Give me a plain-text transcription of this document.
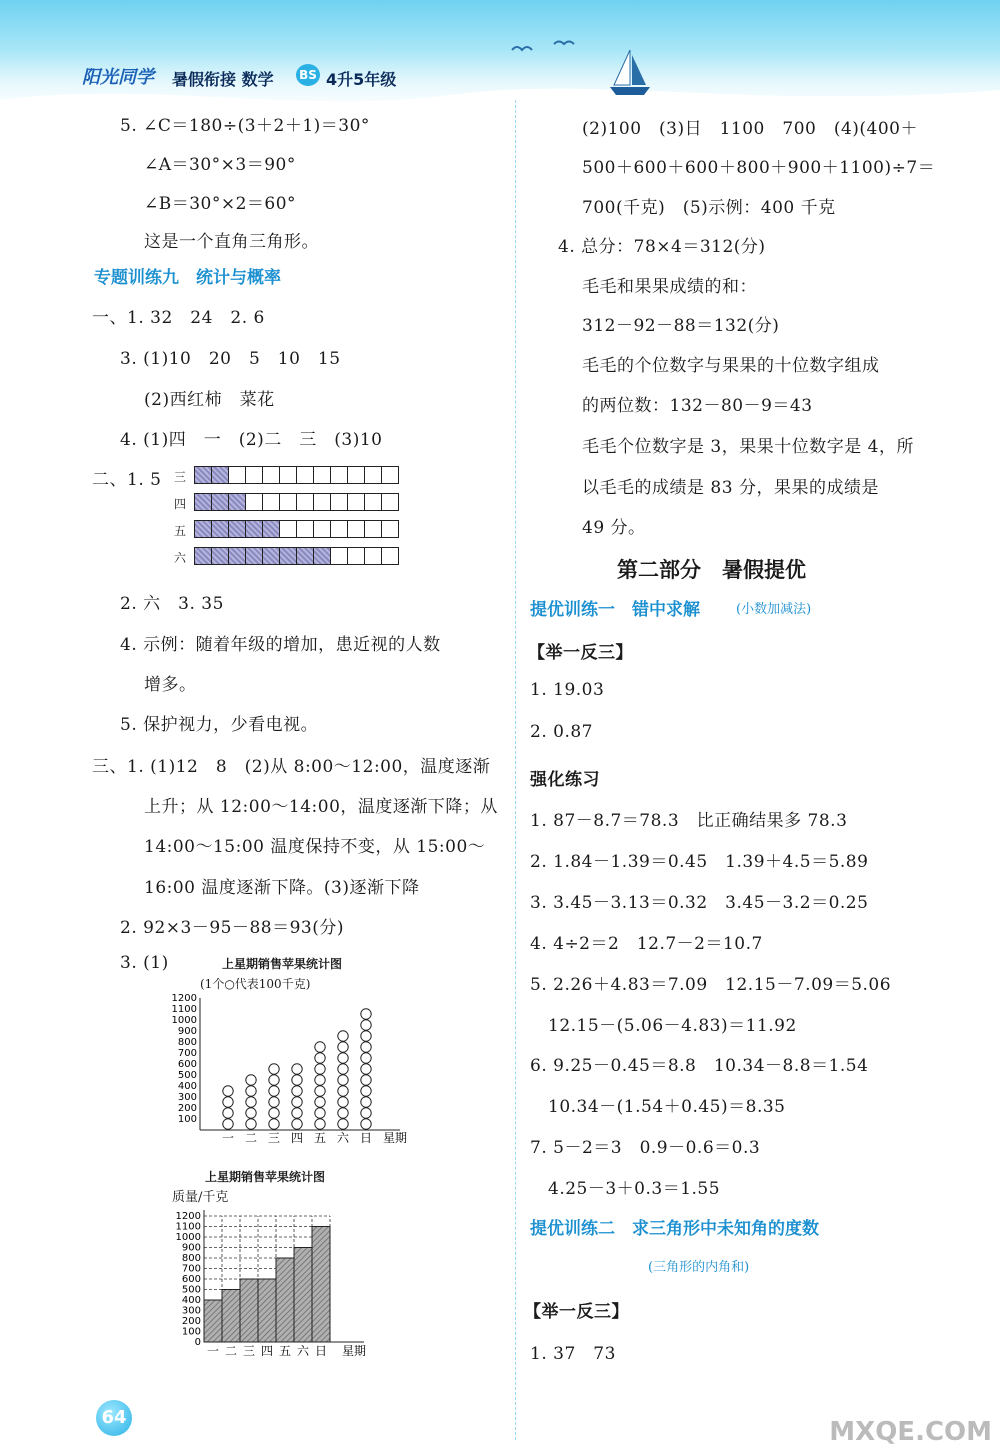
阳光同学 暑假衔接 数学 BS 4升5年级
5. ∠C＝180÷(3＋2＋1)＝30°
∠A＝30°×3＝90°
∠B＝30°×2＝60°
这是一个直角三角形。
专题训练九　统计与概率
一、1. 32　24　2. 6
3. (1)10　20　5　10　15
(2)西红柿　菜花
4. (1)四　一　(2)二　三　(3)10
二、1. 5 三
四
五
六
2. 六　3. 35
4. 示例：随着年级的增加，患近视的人数
增多。
5. 保护视力，少看电视。
三、1. (1)12　8　(2)从 8:00～12:00，温度逐渐
上升；从 12:00～14:00，温度逐渐下降；从
14:00～15:00 温度保持不变，从 15:00～
16:00 温度逐渐下降。(3)逐渐下降
2. 92×3－95－88＝93(分)
3. (1)	上星期销售苹果统计图
(1个○代表100千克)
100
200
300
400
500
600
700
800
900
1000
1100
1200
一 二 三 四 五 六 日 星期
上星期销售苹果统计图
质量/千克
0
100
200
300
400
500
600
700
800
900
1000
1100
1200
一 二 三 四 五 六 日 星期
(2)100　(3)日　1100　700　(4)(400＋
500＋600＋600＋800＋900＋1100)÷7＝
700(千克)　(5)示例：400 千克
4. 总分：78×4＝312(分)
毛毛和果果成绩的和：
312－92－88＝132(分)
毛毛的个位数字与果果的十位数字组成
的两位数：132－80－9＝43
毛毛个位数字是 3，果果十位数字是 4，所
以毛毛的成绩是 83 分，果果的成绩是
49 分。
第二部分　暑假提优
提优训练一　错中求解	(小数加减法)
【举一反三】
1. 19.03
2. 0.87
强化练习
1. 87－8.7＝78.3　比正确结果多 78.3
2. 1.84－1.39＝0.45　1.39＋4.5＝5.89
3. 3.45－3.13＝0.32　3.45－3.2＝0.25
4. 4÷2＝2　12.7－2＝10.7
5. 2.26＋4.83＝7.09　12.15－7.09＝5.06
12.15－(5.06－4.83)＝11.92
6. 9.25－0.45＝8.8　10.34－8.8＝1.54
10.34－(1.54＋0.45)＝8.35
7. 5－2＝3　0.9－0.6＝0.3
4.25－3＋0.3＝1.55
提优训练二　求三角形中未知角的度数
(三角形的内角和)
【举一反三】
1. 37　73
64	MXQE.COM
